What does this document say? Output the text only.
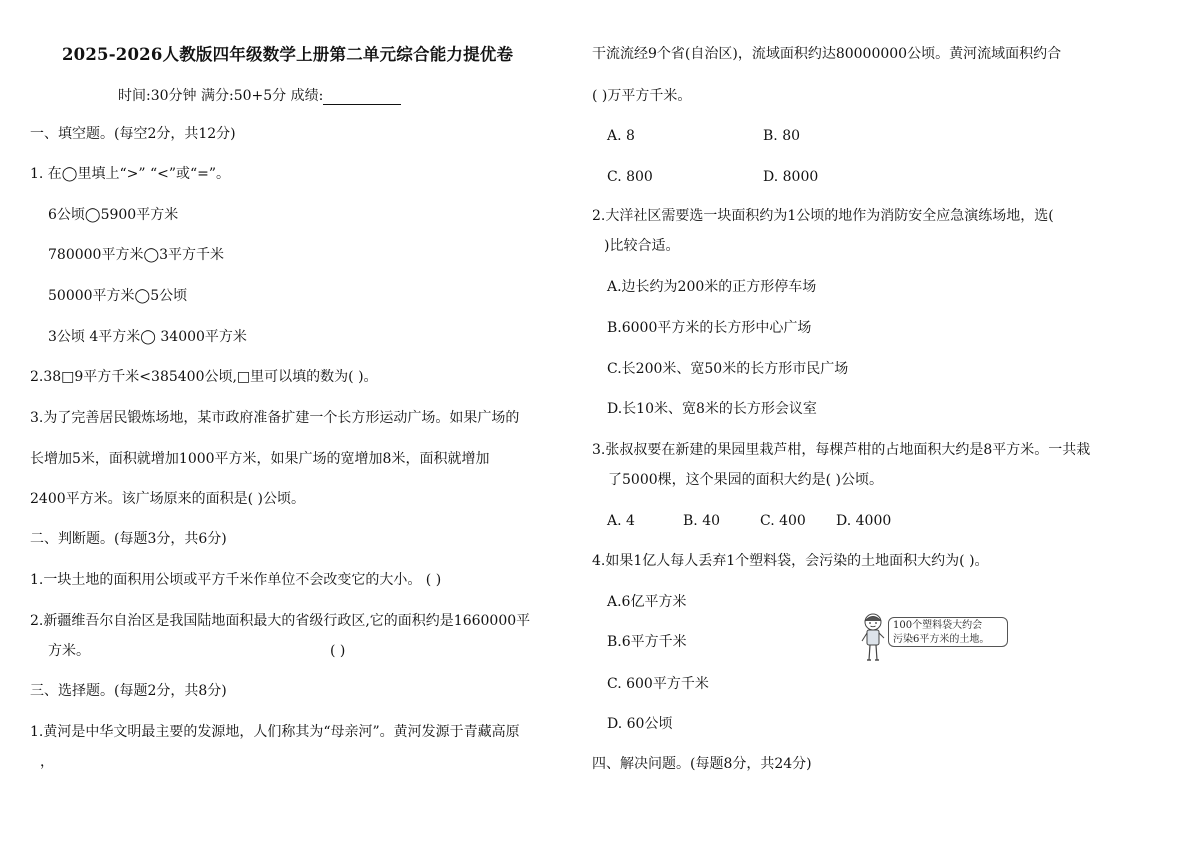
2025-2026人教版四年级数学上册第二单元综合能力提优卷
时间:30分钟 满分:50+5分 成绩:
一、填空题。(每空2分，共12分)
1. 在◯里填上“>” “<”或“=”。
6公顷◯5900平方米
780000平方米◯3平方千米
50000平方米◯5公顷
3公顷 4平方米◯ 34000平方米
2.38□9平方千米<385400公顷,□里可以填的数为( )。
3.为了完善居民锻炼场地，某市政府准备扩建一个长方形运动广场。如果广场的
长增加5米，面积就增加1000平方米，如果广场的宽增加8米，面积就增加
2400平方米。该广场原来的面积是( )公顷。
二、判断题。(每题3分，共6分)
1.一块土地的面积用公顷或平方千米作单位不会改变它的大小。 ( )
2.新疆维吾尔自治区是我国陆地面积最大的省级行政区,它的面积约是1660000平
方米。	( )
三、选择题。(每题2分，共8分)
1.黄河是中华文明最主要的发源地，人们称其为“母亲河”。黄河发源于青藏高原
，
干流流经9个省(自治区)，流域面积约达80000000公顷。黄河流域面积约合
( )万平方千米。
A. 8	B. 80
C. 800	D. 8000
2.大洋社区需要选一块面积约为1公顷的地作为消防安全应急演练场地，选(
)比较合适。
A.边长约为200米的正方形停车场
B.6000平方米的长方形中心广场
C.长200米、宽50米的长方形市民广场
D.长10米、宽8米的长方形会议室
3.张叔叔要在新建的果园里栽芦柑，每棵芦柑的占地面积大约是8平方米。一共栽
了5000棵，这个果园的面积大约是( )公顷。
A. 4	B. 40	C. 400 D. 4000
4.如果1亿人每人丢弃1个塑料袋，会污染的土地面积大约为( )。
A.6亿平方米
B.6平方千米
C. 600平方千米
D. 60公顷
100个塑料袋大约会
污染6平方米的土地。
四、解决问题。(每题8分，共24分)
